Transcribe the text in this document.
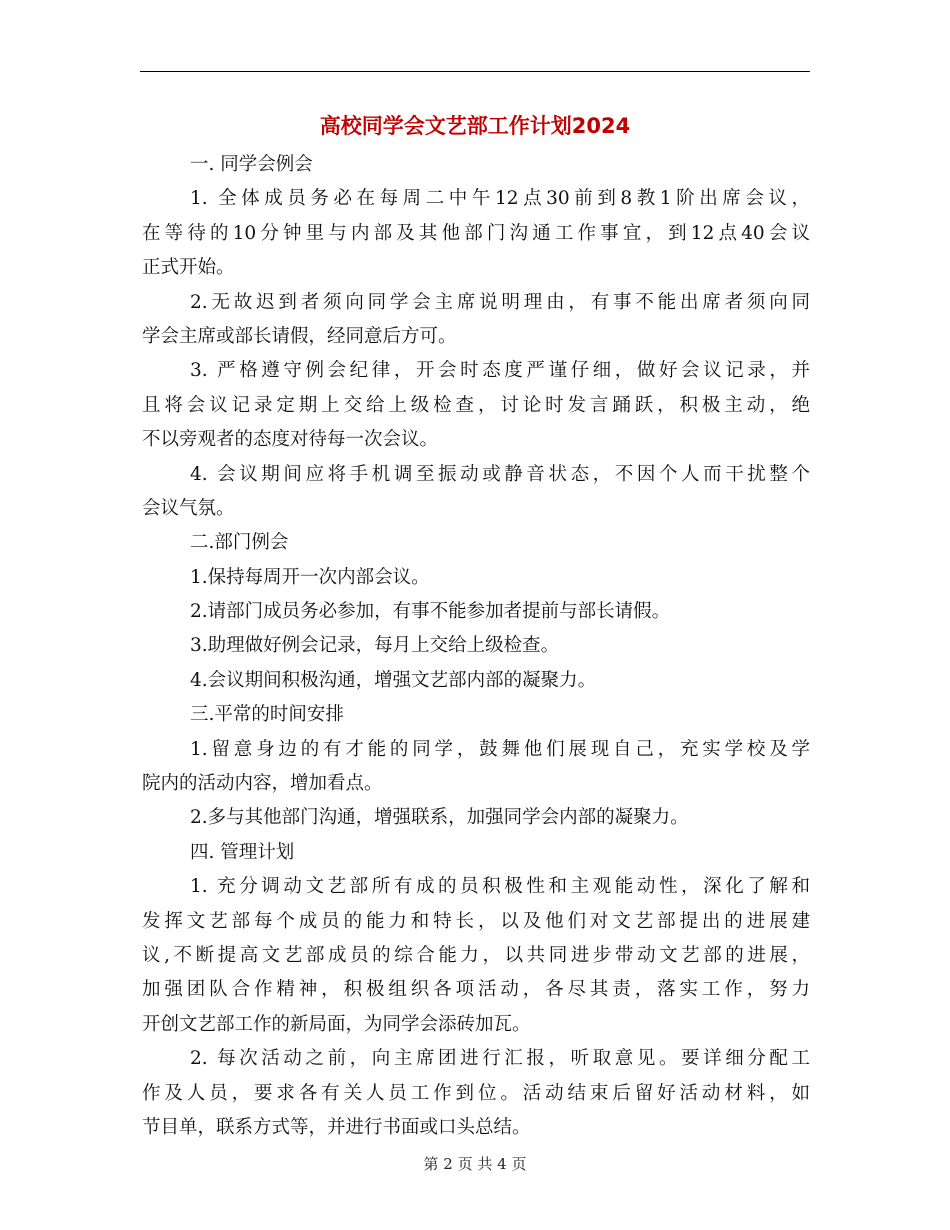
高校同学会文艺部工作计划2024
一. 同学会例会
1. 全体成员务必在每周二中午12点30前到8教1阶出席会议，
在等待的10分钟里与内部及其他部门沟通工作事宜，到12点40会议
正式开始。
2.无故迟到者须向同学会主席说明理由，有事不能出席者须向同
学会主席或部长请假，经同意后方可。
3. 严格遵守例会纪律，开会时态度严谨仔细，做好会议记录，并
且将会议记录定期上交给上级检查，讨论时发言踊跃，积极主动，绝
不以旁观者的态度对待每一次会议。
4. 会议期间应将手机调至振动或静音状态，不因个人而干扰整个
会议气氛。
二.部门例会
1.保持每周开一次内部会议。
2.请部门成员务必参加，有事不能参加者提前与部长请假。
3.助理做好例会记录，每月上交给上级检查。
4.会议期间积极沟通，增强文艺部内部的凝聚力。
三.平常的时间安排
1.留意身边的有才能的同学，鼓舞他们展现自己，充实学校及学
院内的活动内容，增加看点。
2.多与其他部门沟通，增强联系，加强同学会内部的凝聚力。
四. 管理计划
1. 充分调动文艺部所有成的员积极性和主观能动性，深化了解和
发挥文艺部每个成员的能力和特长，以及他们对文艺部提出的进展建
议,不断提高文艺部成员的综合能力，以共同进步带动文艺部的进展，
加强团队合作精神，积极组织各项活动，各尽其责，落实工作，努力
开创文艺部工作的新局面，为同学会添砖加瓦。
2. 每次活动之前，向主席团进行汇报，听取意见。要详细分配工
作及人员，要求各有关人员工作到位。活动结束后留好活动材料，如
节目单，联系方式等，并进行书面或口头总结。
第 2 页 共 4 页
